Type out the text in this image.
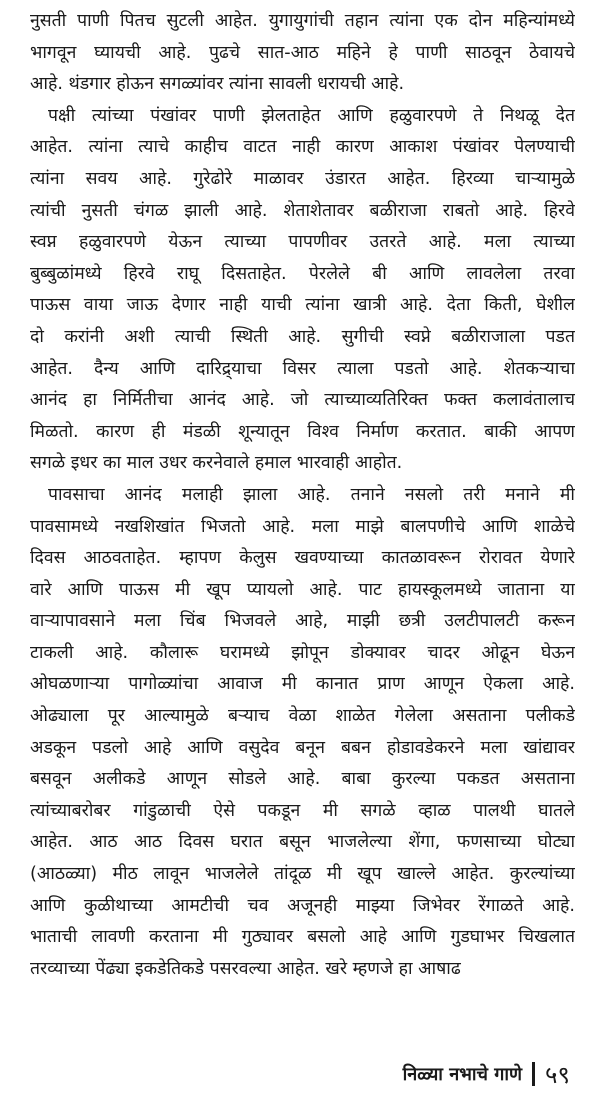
नुसती पाणी पितच सुटली आहेत. युगायुगांची तहान त्यांना एक दोन महिन्यांमध्ये
भागवून घ्यायची आहे. पुढचे सात-आठ महिने हे पाणी साठवून ठेवायचे
आहे. थंडगार होऊन सगळ्यांवर त्यांना सावली धरायची आहे.

पक्षी त्यांच्या पंखांवर पाणी झेलताहेत आणि हळुवारपणे ते निथळू देत
आहेत. त्यांना त्याचे काहीच वाटत नाही कारण आकाश पंखांवर पेलण्याची
त्यांना सवय आहे. गुरेढोरे माळावर उंडारत आहेत. हिरव्या चाऱ्यामुळे
त्यांची नुसती चंगळ झाली आहे. शेताशेतावर बळीराजा राबतो आहे. हिरवे
स्वप्न हळुवारपणे येऊन त्याच्या पापणीवर उतरते आहे. मला त्याच्या
बुब्बुळांमध्ये हिरवे राघू दिसताहेत. पेरलेले बी आणि लावलेला तरवा
पाऊस वाया जाऊ देणार नाही याची त्यांना खात्री आहे. देता किती, घेशील
दो करांनी अशी त्याची स्थिती आहे. सुगीची स्वप्ने बळीराजाला पडत
आहेत. दैन्य आणि दारिद्र्याचा विसर त्याला पडतो आहे. शेतकऱ्याचा
आनंद हा निर्मितीचा आनंद आहे. जो त्याच्याव्यतिरिक्त फक्त कलावंतालाच
मिळतो. कारण ही मंडळी शून्यातून विश्व निर्माण करतात. बाकी आपण
सगळे इधर का माल उधर करनेवाले हमाल भारवाही आहोत.

पावसाचा आनंद मलाही झाला आहे. तनाने नसलो तरी मनाने मी
पावसामध्ये नखशिखांत भिजतो आहे. मला माझे बालपणीचे आणि शाळेचे
दिवस आठवताहेत. म्हापण केलुस खवण्याच्या कातळावरून रोरावत येणारे
वारे आणि पाऊस मी खूप प्यायलो आहे. पाट हायस्कूलमध्ये जाताना या
वाऱ्यापावसाने मला चिंब भिजवले आहे, माझी छत्री उलटीपालटी करून
टाकली आहे. कौलारू घरामध्ये झोपून डोक्यावर चादर ओढून घेऊन
ओघळणाऱ्या पागोळ्यांचा आवाज मी कानात प्राण आणून ऐकला आहे.
ओढ्याला पूर आल्यामुळे बऱ्याच वेळा शाळेत गेलेला असताना पलीकडे
अडकून पडलो आहे आणि वसुदेव बनून बबन होडावडेकरने मला खांद्यावर
बसवून अलीकडे आणून सोडले आहे. बाबा कुरल्या पकडत असताना
त्यांच्याबरोबर गांडुळाची ऐसे पकडून मी सगळे व्हाळ पालथी घातले
आहेत. आठ आठ दिवस घरात बसून भाजलेल्या शेंगा, फणसाच्या घोट्या
(आठळ्या) मीठ लावून भाजलेले तांदूळ मी खूप खाल्ले आहेत. कुरल्यांच्या
आणि कुळीथाच्या आमटीची चव अजूनही माझ्या जिभेवर रेंगाळते आहे.
भाताची लावणी करताना मी गुठ्यावर बसलो आहे आणि गुडघाभर चिखलात
तरव्याच्या पेंढ्या इकडेतिकडे पसरवल्या आहेत. खरे म्हणजे हा आषाढ

निळ्या नभाचे गाणे ५९
